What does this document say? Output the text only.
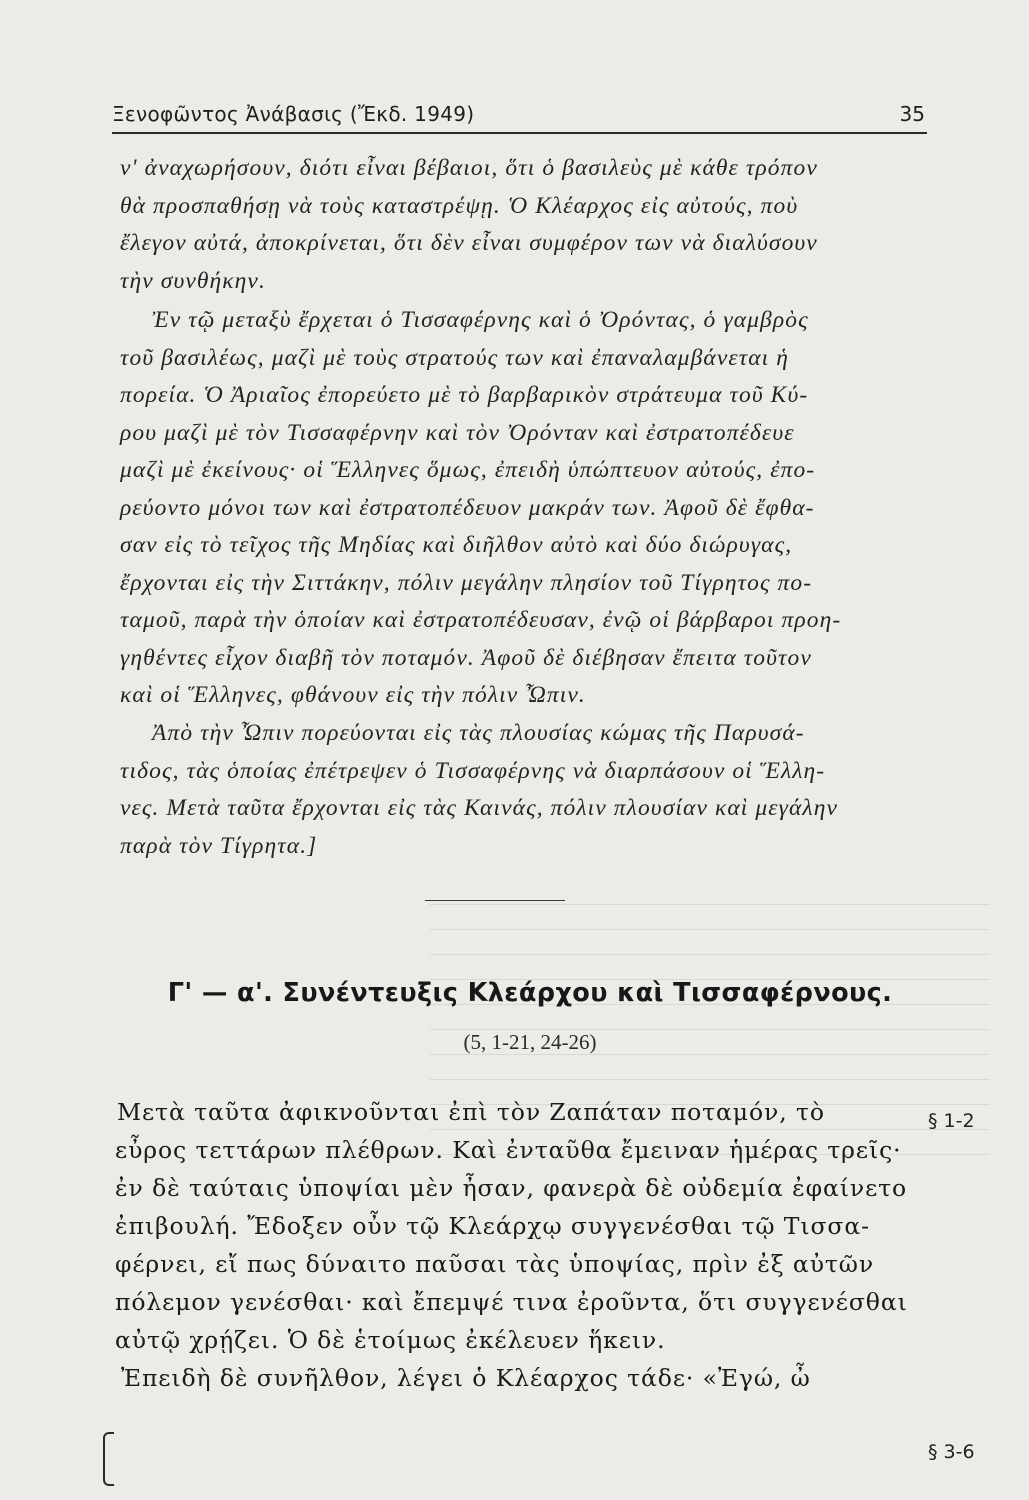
Ξενοφῶντος Ἀνάβασις (Ἔκδ. 1949)	35
ν' ἀναχωρήσουν, διότι εἶναι βέβαιοι, ὅτι ὁ βασιλεὺς μὲ κάθε τρόπον
θὰ προσπαθήσῃ νὰ τοὺς καταστρέψῃ. Ὁ Κλέαρχος εἰς αὐτούς, ποὺ
ἔλεγον αὐτά, ἀποκρίνεται, ὅτι δὲν εἶναι συμφέρον των νὰ διαλύσουν
τὴν συνθήκην.
Ἐν τῷ μεταξὺ ἔρχεται ὁ Τισσαφέρνης καὶ ὁ Ὀρόντας, ὁ γαμβρὸς
τοῦ βασιλέως, μαζὶ μὲ τοὺς στρατούς των καὶ ἐπαναλαμβάνεται ἡ
πορεία. Ὁ Ἀριαῖος ἐπορεύετο μὲ τὸ βαρβαρικὸν στράτευμα τοῦ Κύ-
ρου μαζὶ μὲ τὸν Τισσαφέρνην καὶ τὸν Ὀρόνταν καὶ ἐστρατοπέδευε
μαζὶ μὲ ἐκείνους· οἱ Ἕλληνες ὅμως, ἐπειδὴ ὑπώπτευον αὐτούς, ἐπο-
ρεύοντο μόνοι των καὶ ἐστρατοπέδευον μακράν των. Ἀφοῦ δὲ ἔφθα-
σαν εἰς τὸ τεῖχος τῆς Μηδίας καὶ διῆλθον αὐτὸ καὶ δύο διώρυγας,
ἔρχονται εἰς τὴν Σιττάκην, πόλιν μεγάλην πλησίον τοῦ Τίγρητος πο-
ταμοῦ, παρὰ τὴν ὁποίαν καὶ ἐστρατοπέδευσαν, ἐνῷ οἱ βάρβαροι προη-
γηθέντες εἶχον διαβῆ τὸν ποταμόν. Ἀφοῦ δὲ διέβησαν ἔπειτα τοῦτον
καὶ οἱ Ἕλληνες, φθάνουν εἰς τὴν πόλιν Ὦπιν.
Ἀπὸ τὴν Ὦπιν πορεύονται εἰς τὰς πλουσίας κώμας τῆς Παρυσά-
τιδος, τὰς ὁποίας ἐπέτρεψεν ὁ Τισσαφέρνης νὰ διαρπάσουν οἱ Ἕλλη-
νες. Μετὰ ταῦτα ἔρχονται εἰς τὰς Καινάς, πόλιν πλουσίαν καὶ μεγάλην
παρὰ τὸν Τίγρητα.]
Γ' — α'. Συνέντευξις Κλεάρχου καὶ Τισσαφέρνους.
(5, 1-21, 24-26)
Μετὰ ταῦτα ἀφικνοῦνται ἐπὶ τὸν Ζαπάταν ποταμόν, τὸ
εὖρος τεττάρων πλέθρων. Καὶ ἐνταῦθα ἔμειναν ἡμέρας τρεῖς·
ἐν δὲ ταύταις ὑποψίαι μὲν ἦσαν, φανερὰ δὲ οὐδεμία ἐφαίνετο
ἐπιβουλή. Ἔδοξεν οὖν τῷ Κλεάρχῳ συγγενέσθαι τῷ Τισσα-
φέρνει, εἴ πως δύναιτο παῦσαι τὰς ὑποψίας, πρὶν ἐξ αὐτῶν
πόλεμον γενέσθαι· καὶ ἔπεμψέ τινα ἐροῦντα, ὅτι συγγενέσθαι
αὐτῷ χρῄζει. Ὁ δὲ ἑτοίμως ἐκέλευεν ἥκειν.
Ἐπειδὴ δὲ συνῆλθον, λέγει ὁ Κλέαρχος τάδε· «Ἐγώ, ὦ
§ 1-2
§ 3-6
